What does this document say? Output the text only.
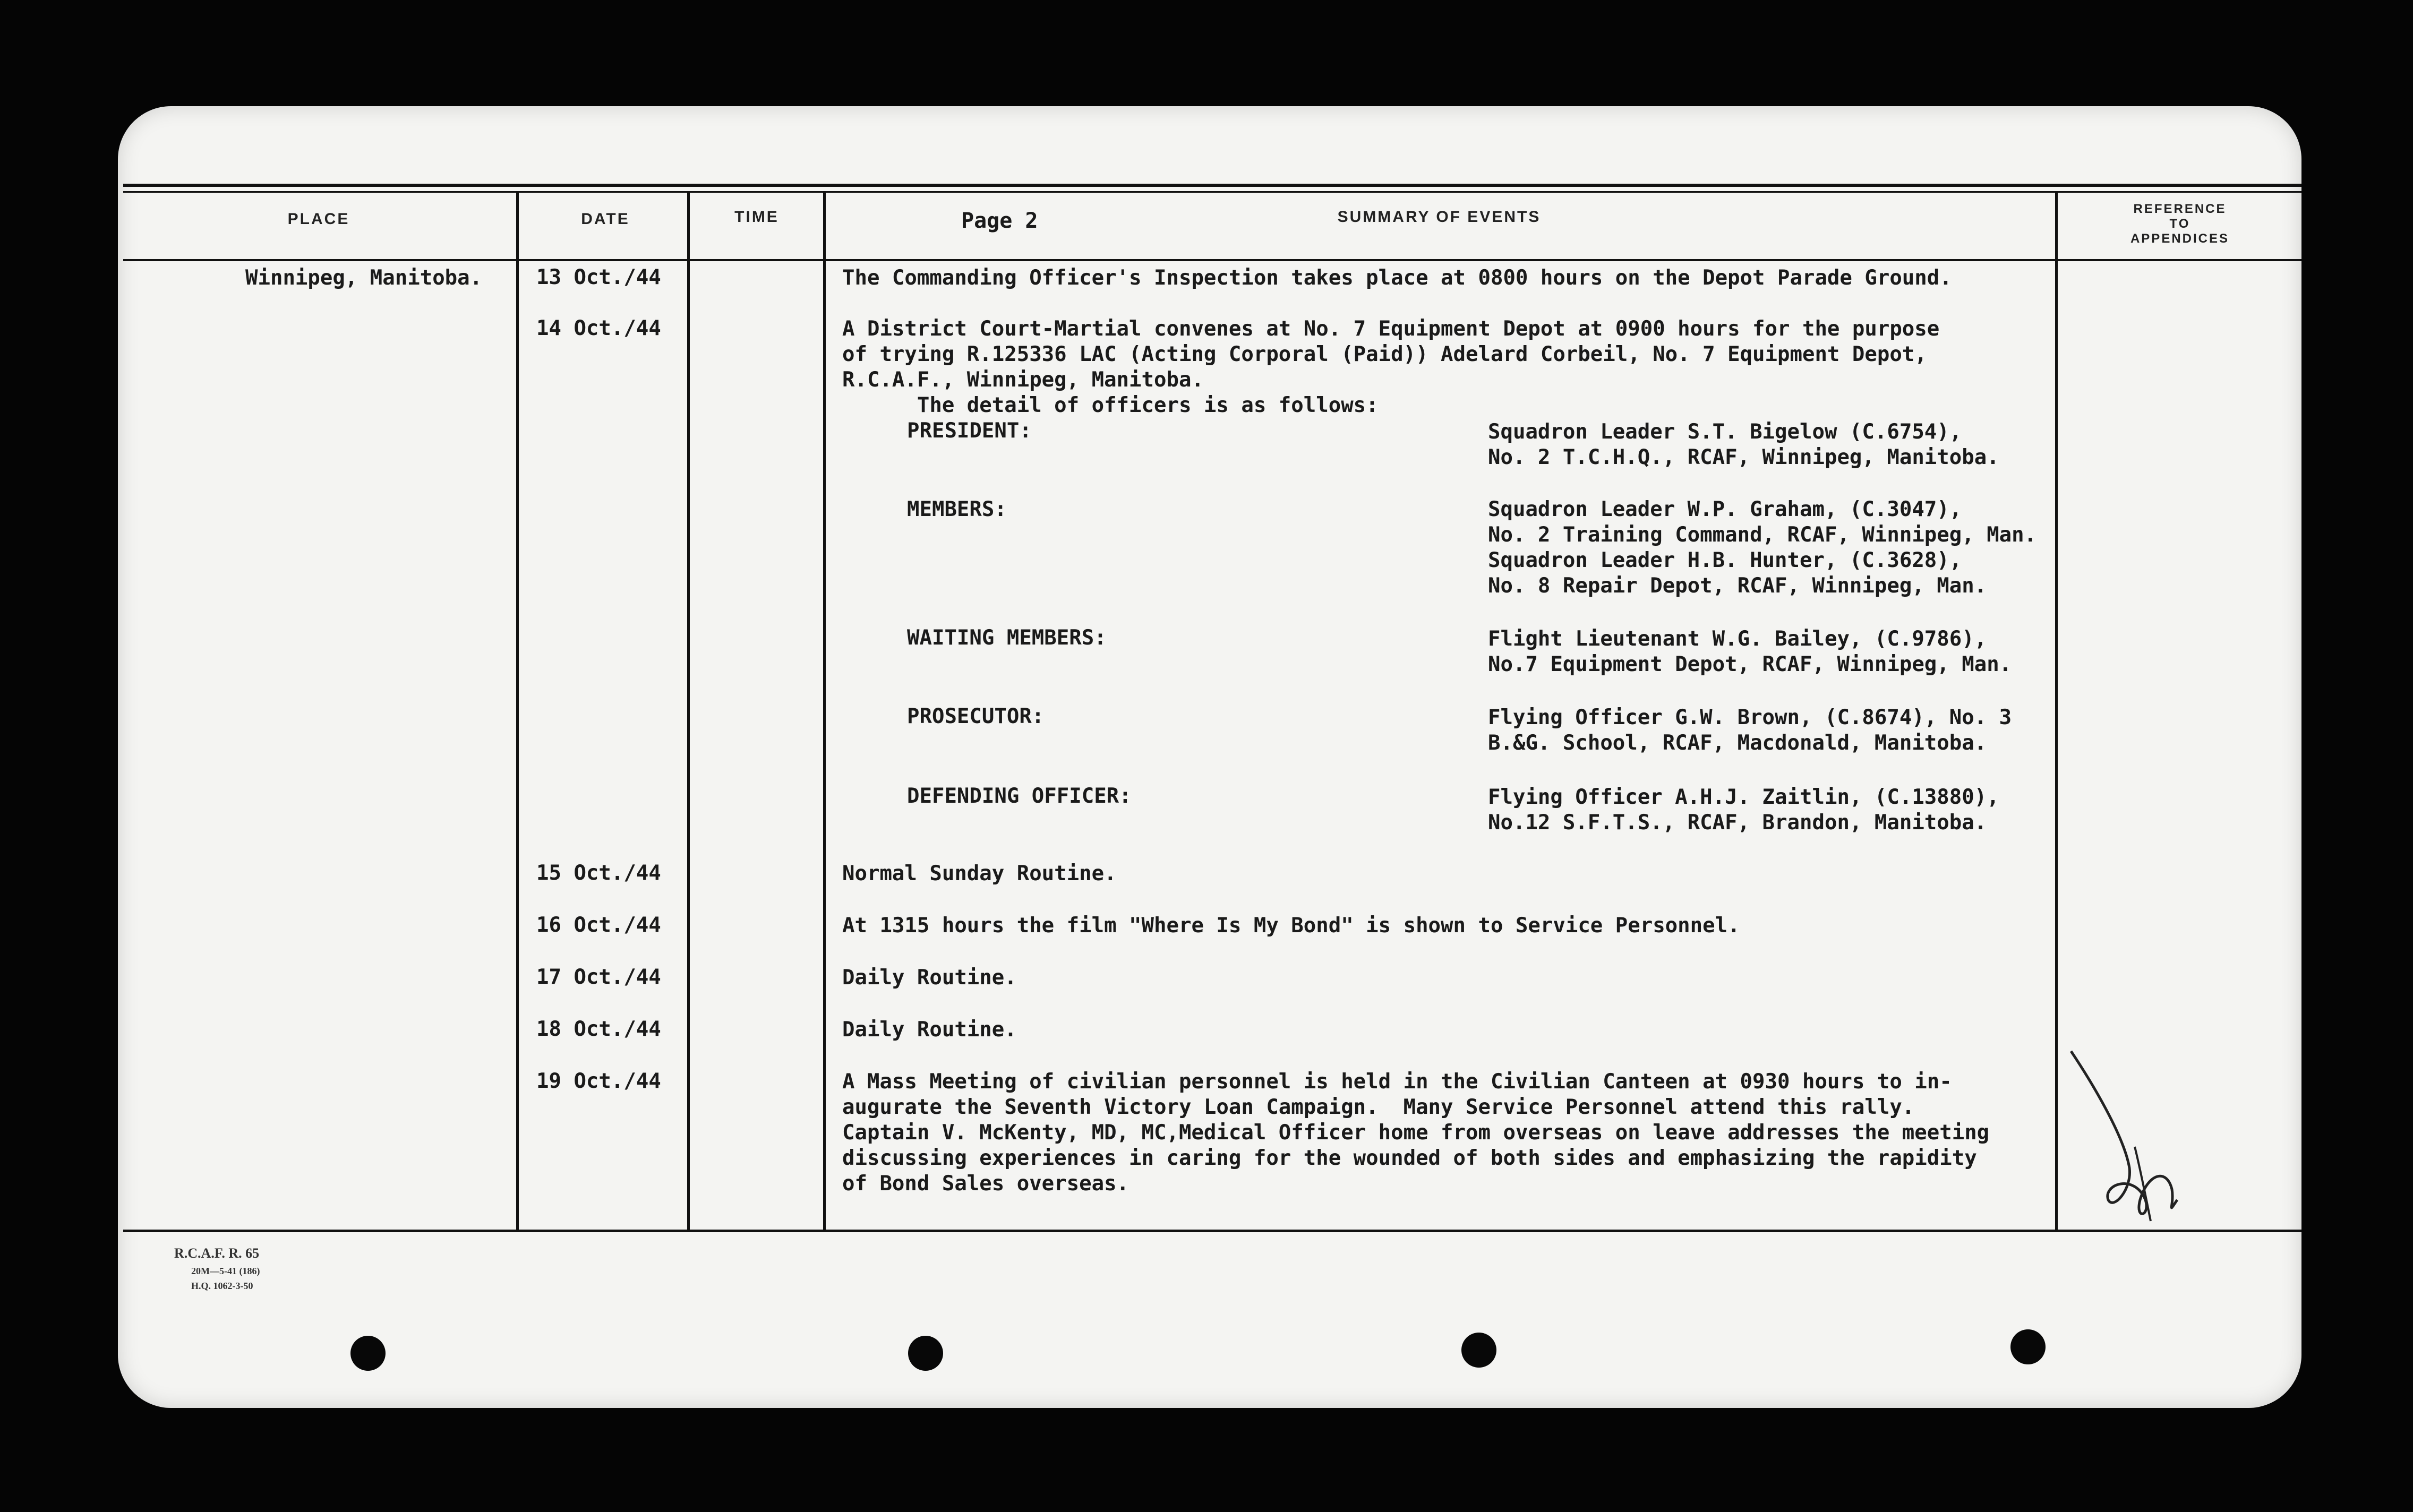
PLACE	DATE	TIME	Page 2	SUMMARY OF EVENTS	REFERENCE
TO
APPENDICES
Winnipeg, Manitoba.	13 Oct./44	The Commanding Officer's Inspection takes place at 0800 hours on the Depot Parade Ground.
14 Oct./44	A District Court-Martial convenes at No. 7 Equipment Depot at 0900 hours for the purpose
of trying R.125336 LAC (Acting Corporal (Paid)) Adelard Corbeil, No. 7 Equipment Depot,
R.C.A.F., Winnipeg, Manitoba.
The detail of officers is as follows:
PRESIDENT:	Squadron Leader S.T. Bigelow (C.6754),
No. 2 T.C.H.Q., RCAF, Winnipeg, Manitoba.
MEMBERS:	Squadron Leader W.P. Graham, (C.3047),
No. 2 Training Command, RCAF, Winnipeg, Man.
Squadron Leader H.B. Hunter, (C.3628),
No. 8 Repair Depot, RCAF, Winnipeg, Man.
WAITING MEMBERS:	Flight Lieutenant W.G. Bailey, (C.9786),
No.7 Equipment Depot, RCAF, Winnipeg, Man.
PROSECUTOR:	Flying Officer G.W. Brown, (C.8674), No. 3
B.&G. School, RCAF, Macdonald, Manitoba.
DEFENDING OFFICER:	Flying Officer A.H.J. Zaitlin, (C.13880),
No.12 S.F.T.S., RCAF, Brandon, Manitoba.
15 Oct./44	Normal Sunday Routine.
16 Oct./44	At 1315 hours the film "Where Is My Bond" is shown to Service Personnel.
17 Oct./44	Daily Routine.
18 Oct./44	Daily Routine.
19 Oct./44	A Mass Meeting of civilian personnel is held in the Civilian Canteen at 0930 hours to in-
augurate the Seventh Victory Loan Campaign.  Many Service Personnel attend this rally.
Captain V. McKenty, MD, MC,Medical Officer home from overseas on leave addresses the meeting
discussing experiences in caring for the wounded of both sides and emphasizing the rapidity
of Bond Sales overseas.
R.C.A.F. R. 65
20M—5-41 (186)
H.Q. 1062-3-50
